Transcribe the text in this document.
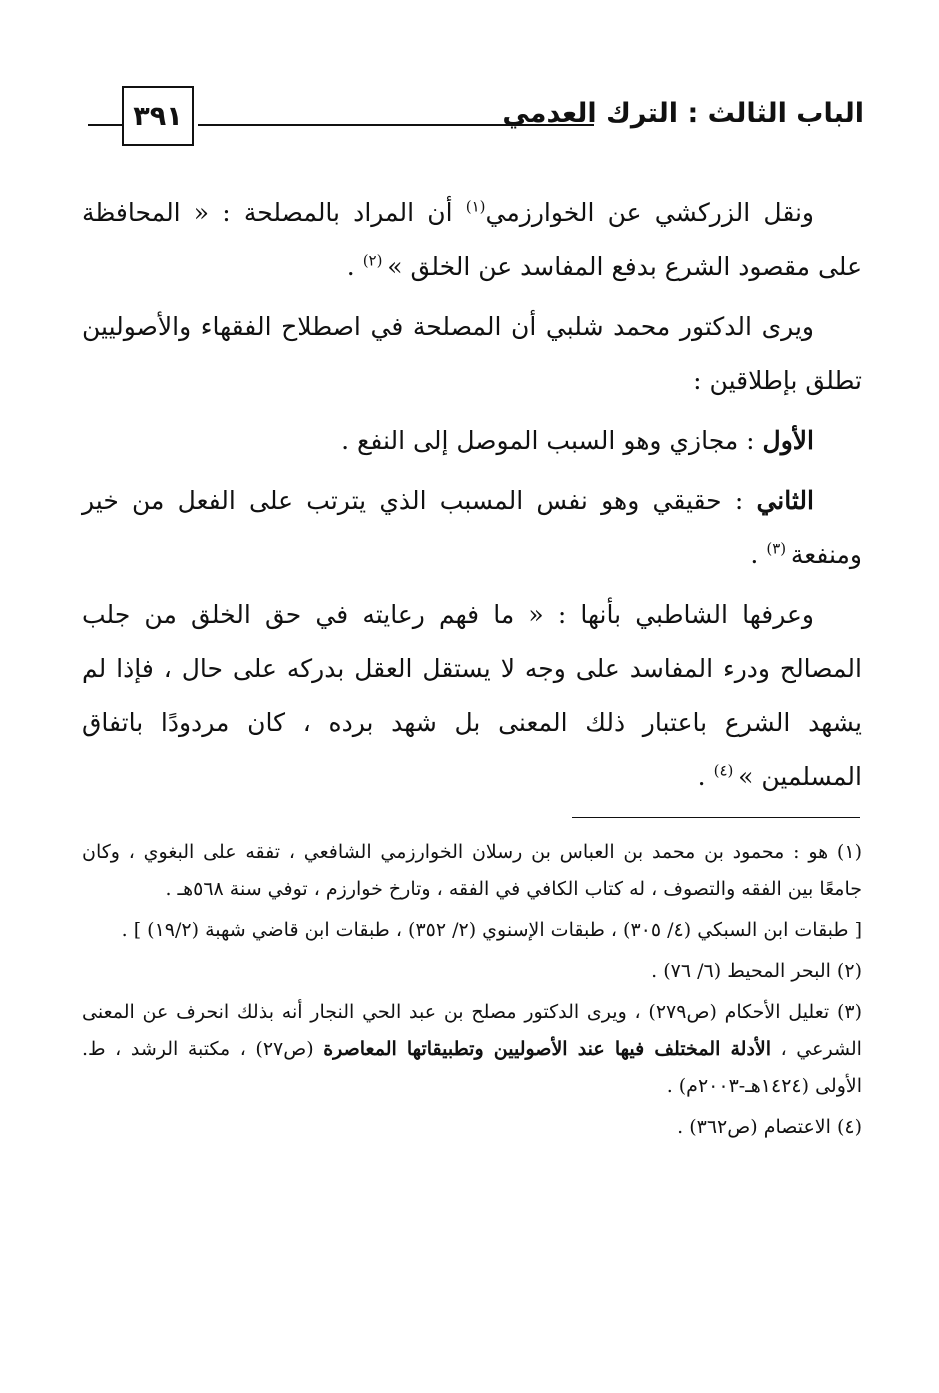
٣٩١	الباب الثالث : الترك العدمي

ونقل الزركشي عن الخوارزمي$^{(١)}$ أن المراد بالمصلحة : « المحافظة على مقصود الشرع بدفع المفاسد عن الخلق » $^{(٢)}$ .

ويرى الدكتور محمد شلبي أن المصلحة في اصطلاح الفقهاء والأصوليين تطلق بإطلاقين :

الأول : مجازي وهو السبب الموصل إلى النفع .

الثاني : حقيقي وهو نفس المسبب الذي يترتب على الفعل من خير ومنفعة $^{(٣)}$ .

وعرفها الشاطبي بأنها : « ما فهم رعايته في حق الخلق من جلب المصالح ودرء المفاسد على وجه لا يستقل العقل بدركه على حال ، فإذا لم يشهد الشرع باعتبار ذلك المعنى بل شهد برده ، كان مردودًا باتفاق المسلمين » $^{(٤)}$ .

(١) هو : محمود بن محمد بن العباس بن رسلان الخوارزمي الشافعي ، تفقه على البغوي ، وكان جامعًا بين الفقه والتصوف ، له كتاب الكافي في الفقه ، وتارخ خوارزم ، توفي سنة ٥٦٨هـ .

[ طبقات ابن السبكي (٤/ ٣٠٥) ، طبقات الإسنوي (٢/ ٣٥٢) ، طبقات ابن قاضي شهبة (١٩/٢) ] .

(٢) البحر المحيط (٦/ ٧٦) .

(٣) تعليل الأحكام (ص٢٧٩) ، ويرى الدكتور مصلح بن عبد الحي النجار أنه بذلك انحرف عن المعنى الشرعي ، الأدلة المختلف فيها عند الأصوليين وتطبيقاتها المعاصرة (ص٢٧) ، مكتبة الرشد ، ط. الأولى (١٤٢٤هـ-٢٠٠٣م) .

(٤) الاعتصام (ص٣٦٢) .
